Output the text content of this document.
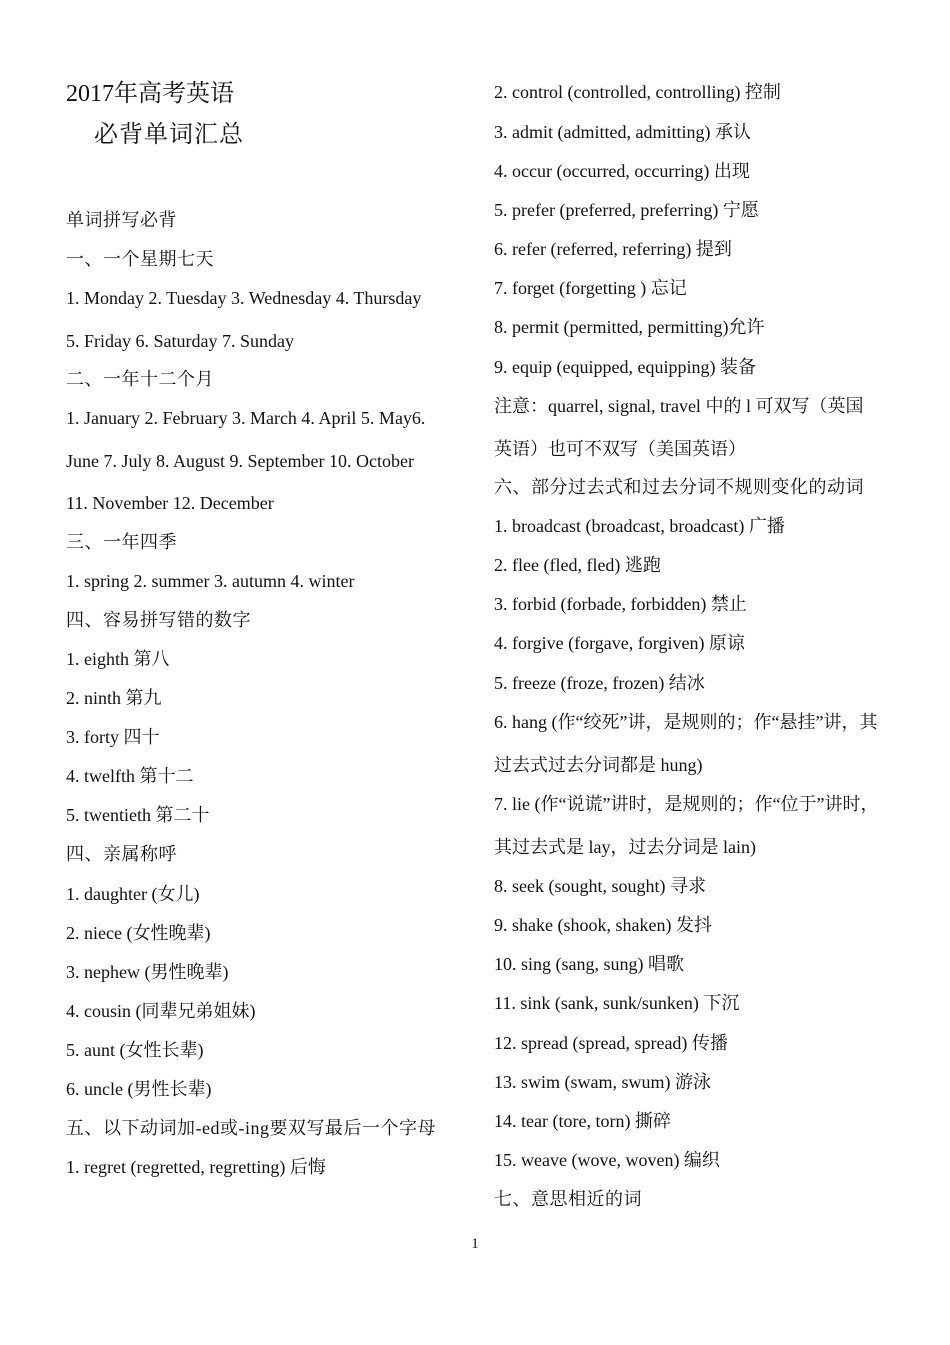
2017年高考英语
必背单词汇总
单词拼写必背
一、一个星期七天
1. Monday 2. Tuesday 3. Wednesday 4. Thursday
5. Friday 6. Saturday 7. Sunday
二、一年十二个月
1. January 2. February 3. March 4. April 5. May6.
June 7. July 8. August 9. September 10. October
11. November 12. December
三、一年四季
1. spring 2. summer 3. autumn 4. winter
四、容易拼写错的数字
1. eighth 第八
2. ninth 第九
3. forty 四十
4. twelfth 第十二
5. twentieth 第二十
四、亲属称呼
1. daughter (女儿)
2. niece (女性晚辈)
3. nephew (男性晚辈)
4. cousin (同辈兄弟姐妹)
5. aunt (女性长辈)
6. uncle (男性长辈)
五、以下动词加-ed或-ing要双写最后一个字母
1. regret (regretted, regretting) 后悔
2. control (controlled, controlling) 控制
3. admit (admitted, admitting) 承认
4. occur (occurred, occurring) 出现
5. prefer (preferred, preferring) 宁愿
6. refer (referred, referring) 提到
7. forget (forgetting ) 忘记
8. permit (permitted, permitting)允许
9. equip (equipped, equipping) 装备
注意：quarrel, signal, travel 中的 l 可双写（英国
英语）也可不双写（美国英语）
六、部分过去式和过去分词不规则变化的动词
1. broadcast (broadcast, broadcast) 广播
2. flee (fled, fled) 逃跑
3. forbid (forbade, forbidden) 禁止
4. forgive (forgave, forgiven) 原谅
5. freeze (froze, frozen) 结冰
6. hang (作“绞死”讲，是规则的；作“悬挂”讲，其
过去式过去分词都是 hung)
7. lie (作“说谎”讲时，是规则的；作“位于”讲时，
其过去式是 lay，过去分词是 lain)
8. seek (sought, sought) 寻求
9. shake (shook, shaken) 发抖
10. sing (sang, sung) 唱歌
11. sink (sank, sunk/sunken) 下沉
12. spread (spread, spread) 传播
13. swim (swam, swum) 游泳
14. tear (tore, torn) 撕碎
15. weave (wove, woven) 编织
七、意思相近的词
1
